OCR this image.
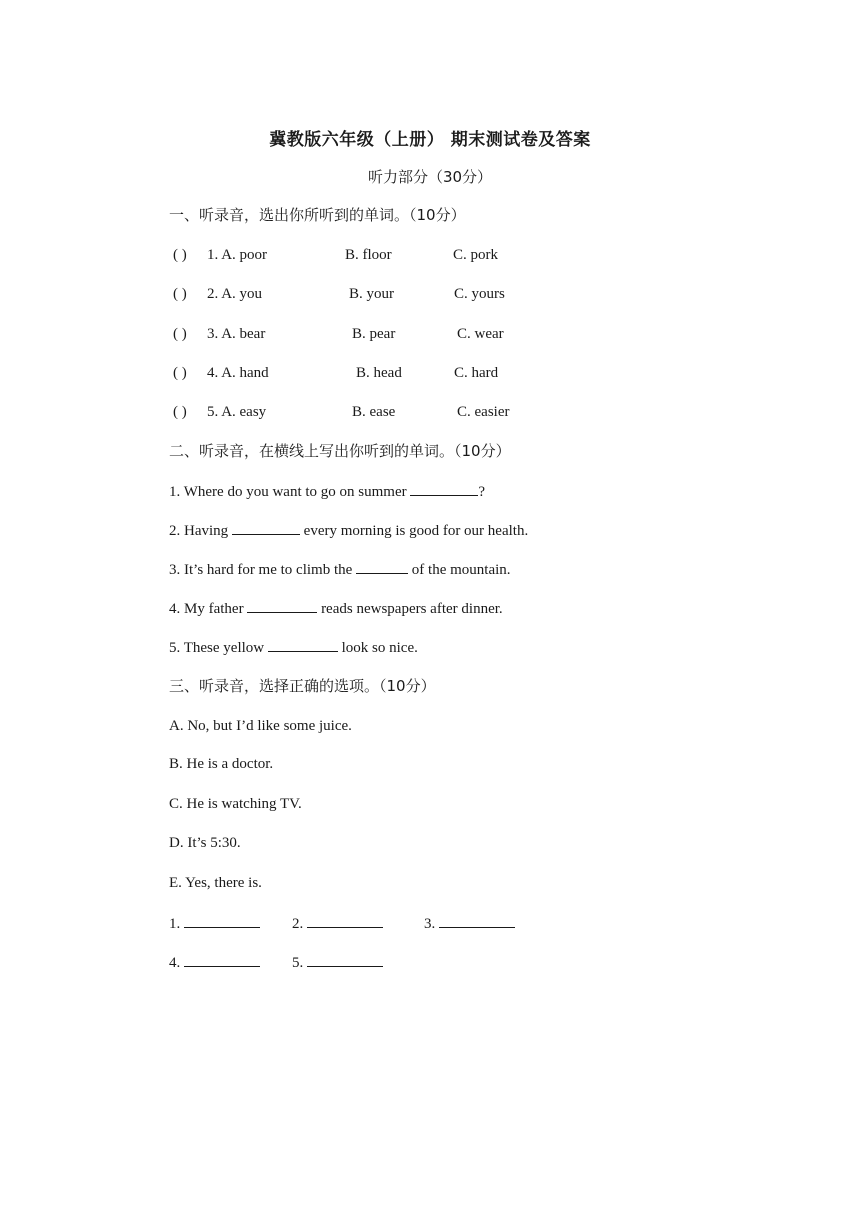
冀教版六年级（上册） 期末测试卷及答案
听力部分（30分）
一、听录音，选出你所听到的单词。（10分）
( ) 1. A. poor	B. floor	C. pork
( ) 2. A. you	B. your	C. yours
( ) 3. A. bear	B. pear	C. wear
( ) 4. A. hand	B. head	C. hard
( ) 5. A. easy	B. ease	C. easier
二、听录音，在横线上写出你听到的单词。（10分）
1. Where do you want to go on summer	?
2. Having	every morning is good for our health.
3. It’s hard for me to climb the	of the mountain.
4. My father	reads newspapers after dinner.
5. These yellow	look so nice.
三、听录音，选择正确的选项。（10分）
A. No, but I’d like some juice.
B. He is a doctor.
C. He is watching TV.
D. It’s 5:30.
E. Yes, there is.
1.	2.	3.
4.	5.
